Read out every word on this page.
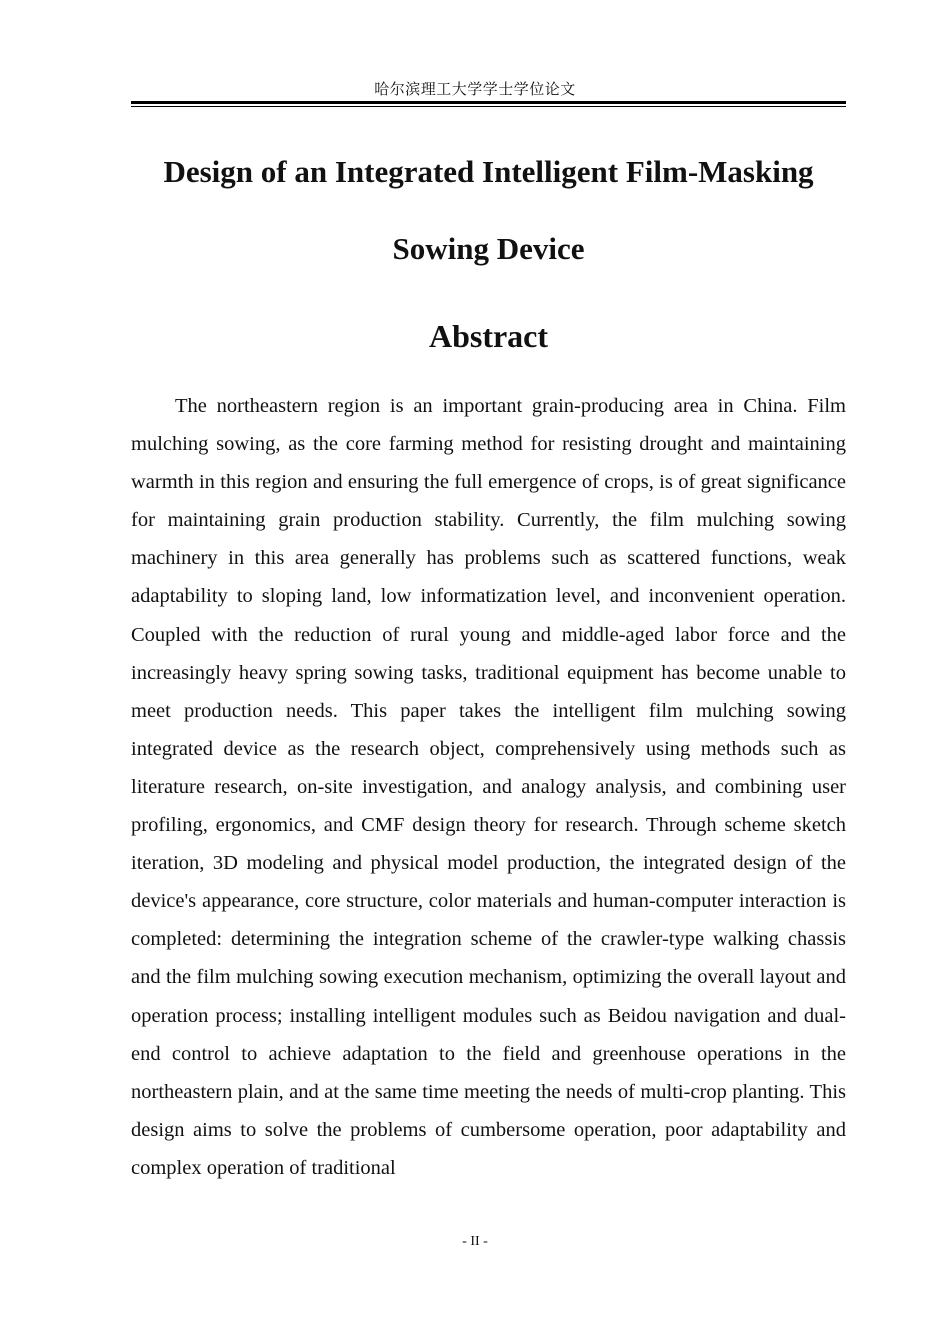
哈尔滨理工大学学士学位论文
Design of an Integrated Intelligent Film-Masking
Sowing Device
Abstract

The northeastern region is an important grain-producing area in China. Film mulching sowing, as the core farming method for resisting drought and maintaining warmth in this region and ensuring the full emergence of crops, is of great significance for maintaining grain production stability. Currently, the film mulching sowing machinery in this area generally has problems such as scattered functions, weak adaptability to sloping land, low informatization level, and inconvenient operation. Coupled with the reduction of rural young and middle-aged labor force and the increasingly heavy spring sowing tasks, traditional equipment has become unable to meet production needs. This paper takes the intelligent film mulching sowing integrated device as the research object, comprehensively using methods such as literature research, on-site investigation, and analogy analysis, and combining user profiling, ergonomics, and CMF design theory for research. Through scheme sketch iteration, 3D modeling and physical model production, the integrated design of the device's appearance, core structure, color materials and human-computer interaction is completed: determining the integration scheme of the crawler-type walking chassis and the film mulching sowing execution mechanism, optimizing the overall layout and operation process; installing intelligent modules such as Beidou navigation and dual-end control to achieve adaptation to the field and greenhouse operations in the northeastern plain, and at the same time meeting the needs of multi-crop planting. This design aims to solve the problems of cumbersome operation, poor adaptability and complex operation of traditional

- II -
